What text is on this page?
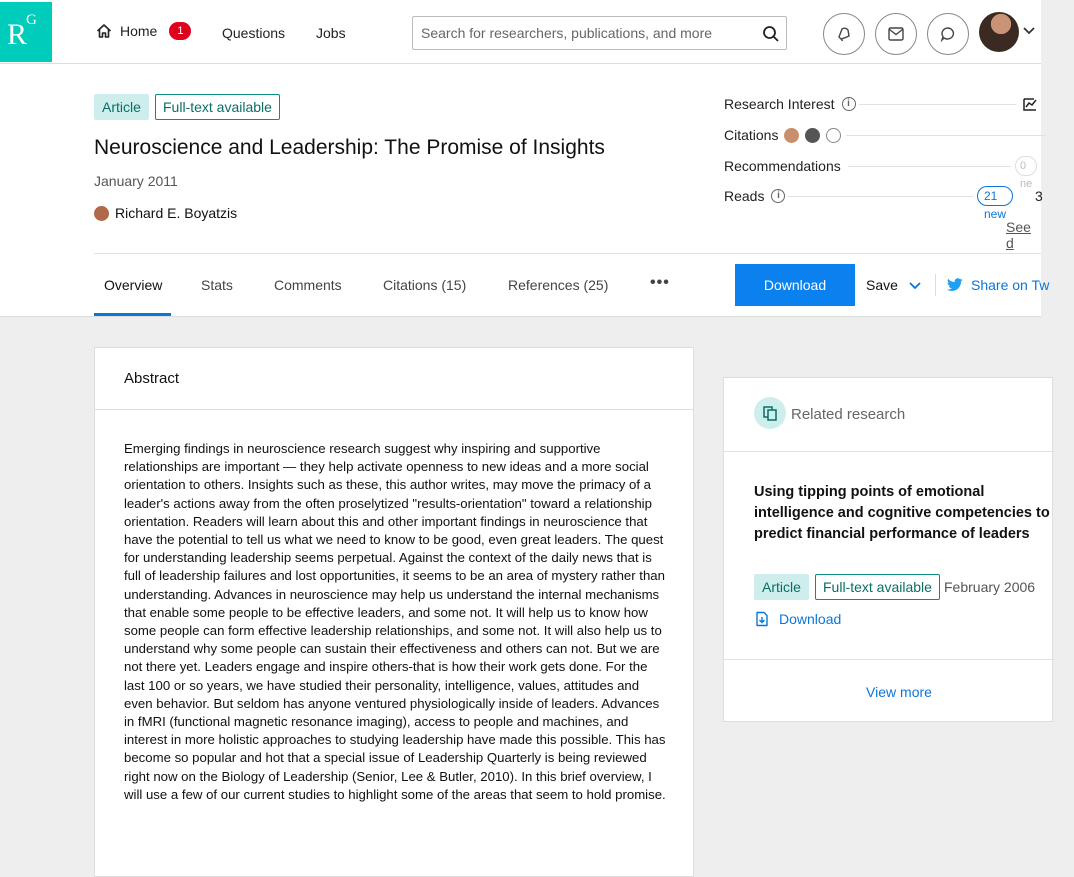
R
G
Home	1	Questions Jobs
Search for researchers, publications, and more
Article	Full-text available
Neuroscience and Leadership: The Promise of Insights
January 2011
Richard E. Boyatzis
Research Interest	i
Citations
Recommendations	0 ne
Reads	i	21 new
3
See d
Overview	Stats	Comments	Citations (15)	References (25)	•••	Download	Save	Share on Tw
Abstract

Emerging findings in neuroscience research suggest why inspiring and supportive relationships are important — they help activate openness to new ideas and a more social orientation to others. Insights such as these, this author writes, may move the primacy of a leader's actions away from the often proselytized "results-orientation" toward a relationship orientation. Readers will learn about this and other important findings in neuroscience that have the potential to tell us what we need to know to be good, even great leaders. The quest for understanding leadership seems perpetual. Against the context of the daily news that is full of leadership failures and lost opportunities, it seems to be an area of mystery rather than understanding. Advances in neuroscience may help us understand the internal mechanisms that enable some people to be effective leaders, and some not. It will help us to know how some people can form effective leadership relationships, and some not. It will also help us to understand why some people can sustain their effectiveness and others can not. But we are not there yet. Leaders engage and inspire others-that is how their work gets done. For the last 100 or so years, we have studied their personality, intelligence, values, attitudes and even behavior. But seldom has anyone ventured physiologically inside of leaders. Advances in fMRI (functional magnetic resonance imaging), access to people and machines, and interest in more holistic approaches to studying leadership have made this possible. This has become so popular and hot that a special issue of Leadership Quarterly is being reviewed right now on the Biology of Leadership (Senior, Lee & Butler, 2010). In this brief overview, I will use a few of our current studies to highlight some of the areas that seem to hold promise.

Related research
Using tipping points of emotional intelligence and cognitive competencies to predict financial performance of leaders
Article	Full-text available February 2006
Download
View more
